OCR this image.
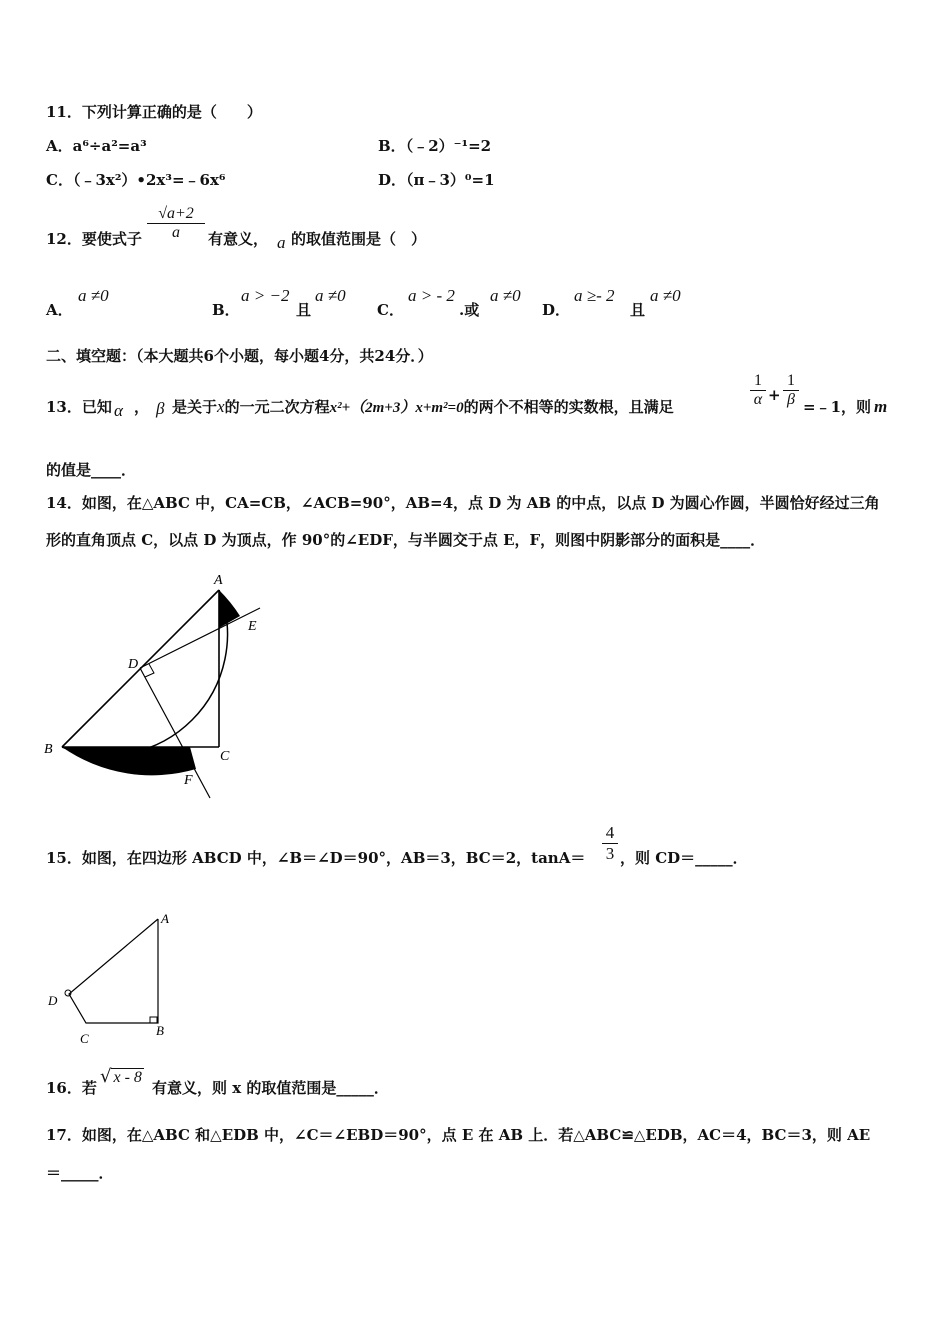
11．下列计算正确的是（　　）
A．a⁶÷a²=a³	B．（﹣2）⁻¹=2
C．（﹣3x²）•2x³=﹣6x⁶	D．（π﹣3）⁰=1
12．要使式子 $\frac{√a+2}{a}$ 有意义， a 的取值范围是（　）
A．
a ≠0
B．
a > −2
且
a ≠0
C．
a > - 2
.或
a ≠0
D．
a ≥- 2
且
a ≠0
二、填空题：（本大题共6个小题，每小题4分，共24分．）
13．已知 α ， β 是关于x的一元二次方程x²+（2m+3）x+m²=0的两个不相等的实数根，且满足	$\frac{1}{\alpha} + \frac{1}{\beta}$ =﹣1，则 m
的值是____．
14．如图，在△ABC 中，CA=CB，∠ACB=90°，AB=4，点 D 为 AB 的中点，以点 D 为圆心作圆，半圆恰好经过三角
形的直角顶点 C，以点 D 为顶点，作 90°的∠EDF，与半圆交于点 E，F，则图中阴影部分的面积是____．
A
B	C
D
E
F
15．如图，在四边形 ABCD 中，∠B＝∠D＝90°，AB＝3，BC＝2，$\tan A= \frac{4}{3}$ ，则 CD＝_____．
A
B
C
D
16．若
√ x - 8
有意义，则 x 的取值范围是_____．
17．如图，在△ABC 和△EDB 中，∠C＝∠EBD＝90°，点 E 在 AB 上．若△ABC≌△EDB，AC＝4，BC＝3，则 AE
＝_____．
